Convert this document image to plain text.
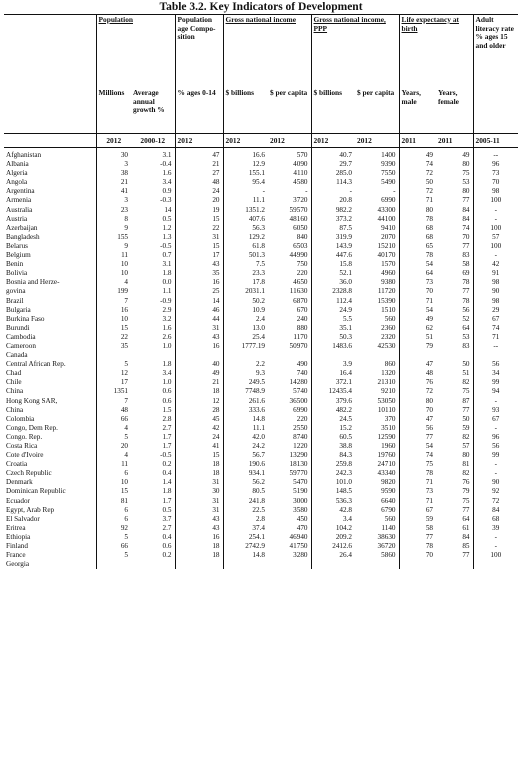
Table 3.2. Key Indicators of Development
	Population		Population age Compo-sition	Gross national income		Gross national income, PPP		Life expectancy at birth		Adult literacy rate % ages 15 and older
	Millions	Average annual growth %	% ages 0-14	$ billions	$ per capita	$ billions	$ per capita	Years, male	Years, female	
	2012	2000-12	2012	2012	2012	2012	2012	2011	2011	2005-11
Afghanistan	30	3.1	47	16.6	570	40.7	1400	49	49	--
Albania	3	-0.4	21	12.9	4090	29.7	9390	74	80	96
Algeria	38	1.6	27	155.1	4110	285.0	7550	72	75	73
Angola	21	3.4	48	95.4	4580	114.3	5490	50	53	70
Argentina	41	0.9	24	-	-	-	-	72	80	98
Armenia	3	-0.3	20	11.1	3720	20.8	6990	71	77	100
Australia	23	14	19	1351.2	59570	982.2	43300	80	84	-
Austria	8	0.5	15	407.6	48160	373.2	44100	78	84	-
Azerbaijan	9	1.2	22	56.3	6050	87.5	9410	68	74	100
Bangladesh	155	1.3	31	129.2	840	319.9	2070	68	70	57
Belarus	9	-0.5	15	61.8	6503	143.9	15210	65	77	100
Belgium	11	0.7	17	501.3	44990	447.6	40170	78	83	-
Benin	10	3.1	43	7.5	750	15.8	1570	54	58	42
Bolivia	10	1.8	35	23.3	220	52.1	4960	64	69	91
Bosnia and Herze-	4	0.0	16	17.8	4650	36.0	9380	73	78	98
govina	199	1.1	25	2031.1	11630	2328.8	11720	70	77	90
Brazil	7	-0.9	14	50.2	6870	112.4	15390	71	78	98
Bulgaria	16	2.9	46	10.9	670	24.9	1510	54	56	29
Burkina Faso	10	3.2	44	2.4	240	5.5	560	49	52	67
Burundi	15	1.6	31	13.0	880	35.1	2360	62	64	74
Cambodia	22	2.6	43	25.4	1170	50.3	2320	51	53	71
Cameroon	35	1.0	16	1777.19	50970	1483.6	42530	79	83	--
Canada										
Central African Rep.	5	1.8	40	2.2	490	3.9	860	47	50	56
Chad	12	3.4	49	9.3	740	16.4	1320	48	51	34
Chile	17	1.0	21	249.5	14280	372.1	21310	76	82	99
China	1351	0.6	18	7748.9	5740	12435.4	9210	72	75	94
Hong Kong SAR,	7	0.6	12	261.6	36500	379.6	53050	80	87	-
China	48	1.5	28	333.6	6990	482.2	10110	70	77	93
Colombia	66	2.8	45	14.8	220	24.5	370	47	50	67
Congo, Dem Rep.	4	2.7	42	11.1	2550	15.2	3510	56	59	-
Congo. Rep.	5	1.7	24	42.0	8740	60.5	12590	77	82	96
Costa Rica	20	1.7	41	24.2	1220	38.8	1960	54	57	56
Cote d'Ivoire	4	-0.5	15	56.7	13290	84.3	19760	74	80	99
Croatia	11	0.2	18	190.6	18130	259.8	24710	75	81	-
Czech Republic	6	0.4	18	934.1	59770	242.3	43340	78	82	-
Denmark	10	1.4	31	56.2	5470	101.0	9820	71	76	90
Dominican Republic	15	1.8	30	80.5	5190	148.5	9590	73	79	92
Ecuador	81	1.7	31	241.8	3000	536.3	6640	71	75	72
Egypt, Arab Rep	6	0.5	31	22.5	3580	42.8	6790	67	77	84
El Salvador	6	3.7	43	2.8	450	3.4	560	59	64	68
Eritrea	92	2.7	43	37.4	470	104.2	1140	58	61	39
Ethiopia	5	0.4	16	254.1	46940	209.2	38630	77	84	-
Finland	66	0.6	18	2742.9	41750	2412.6	36720	78	85	-
France	5	0.2	18	14.8	3280	26.4	5860	70	77	100
Georgia										
